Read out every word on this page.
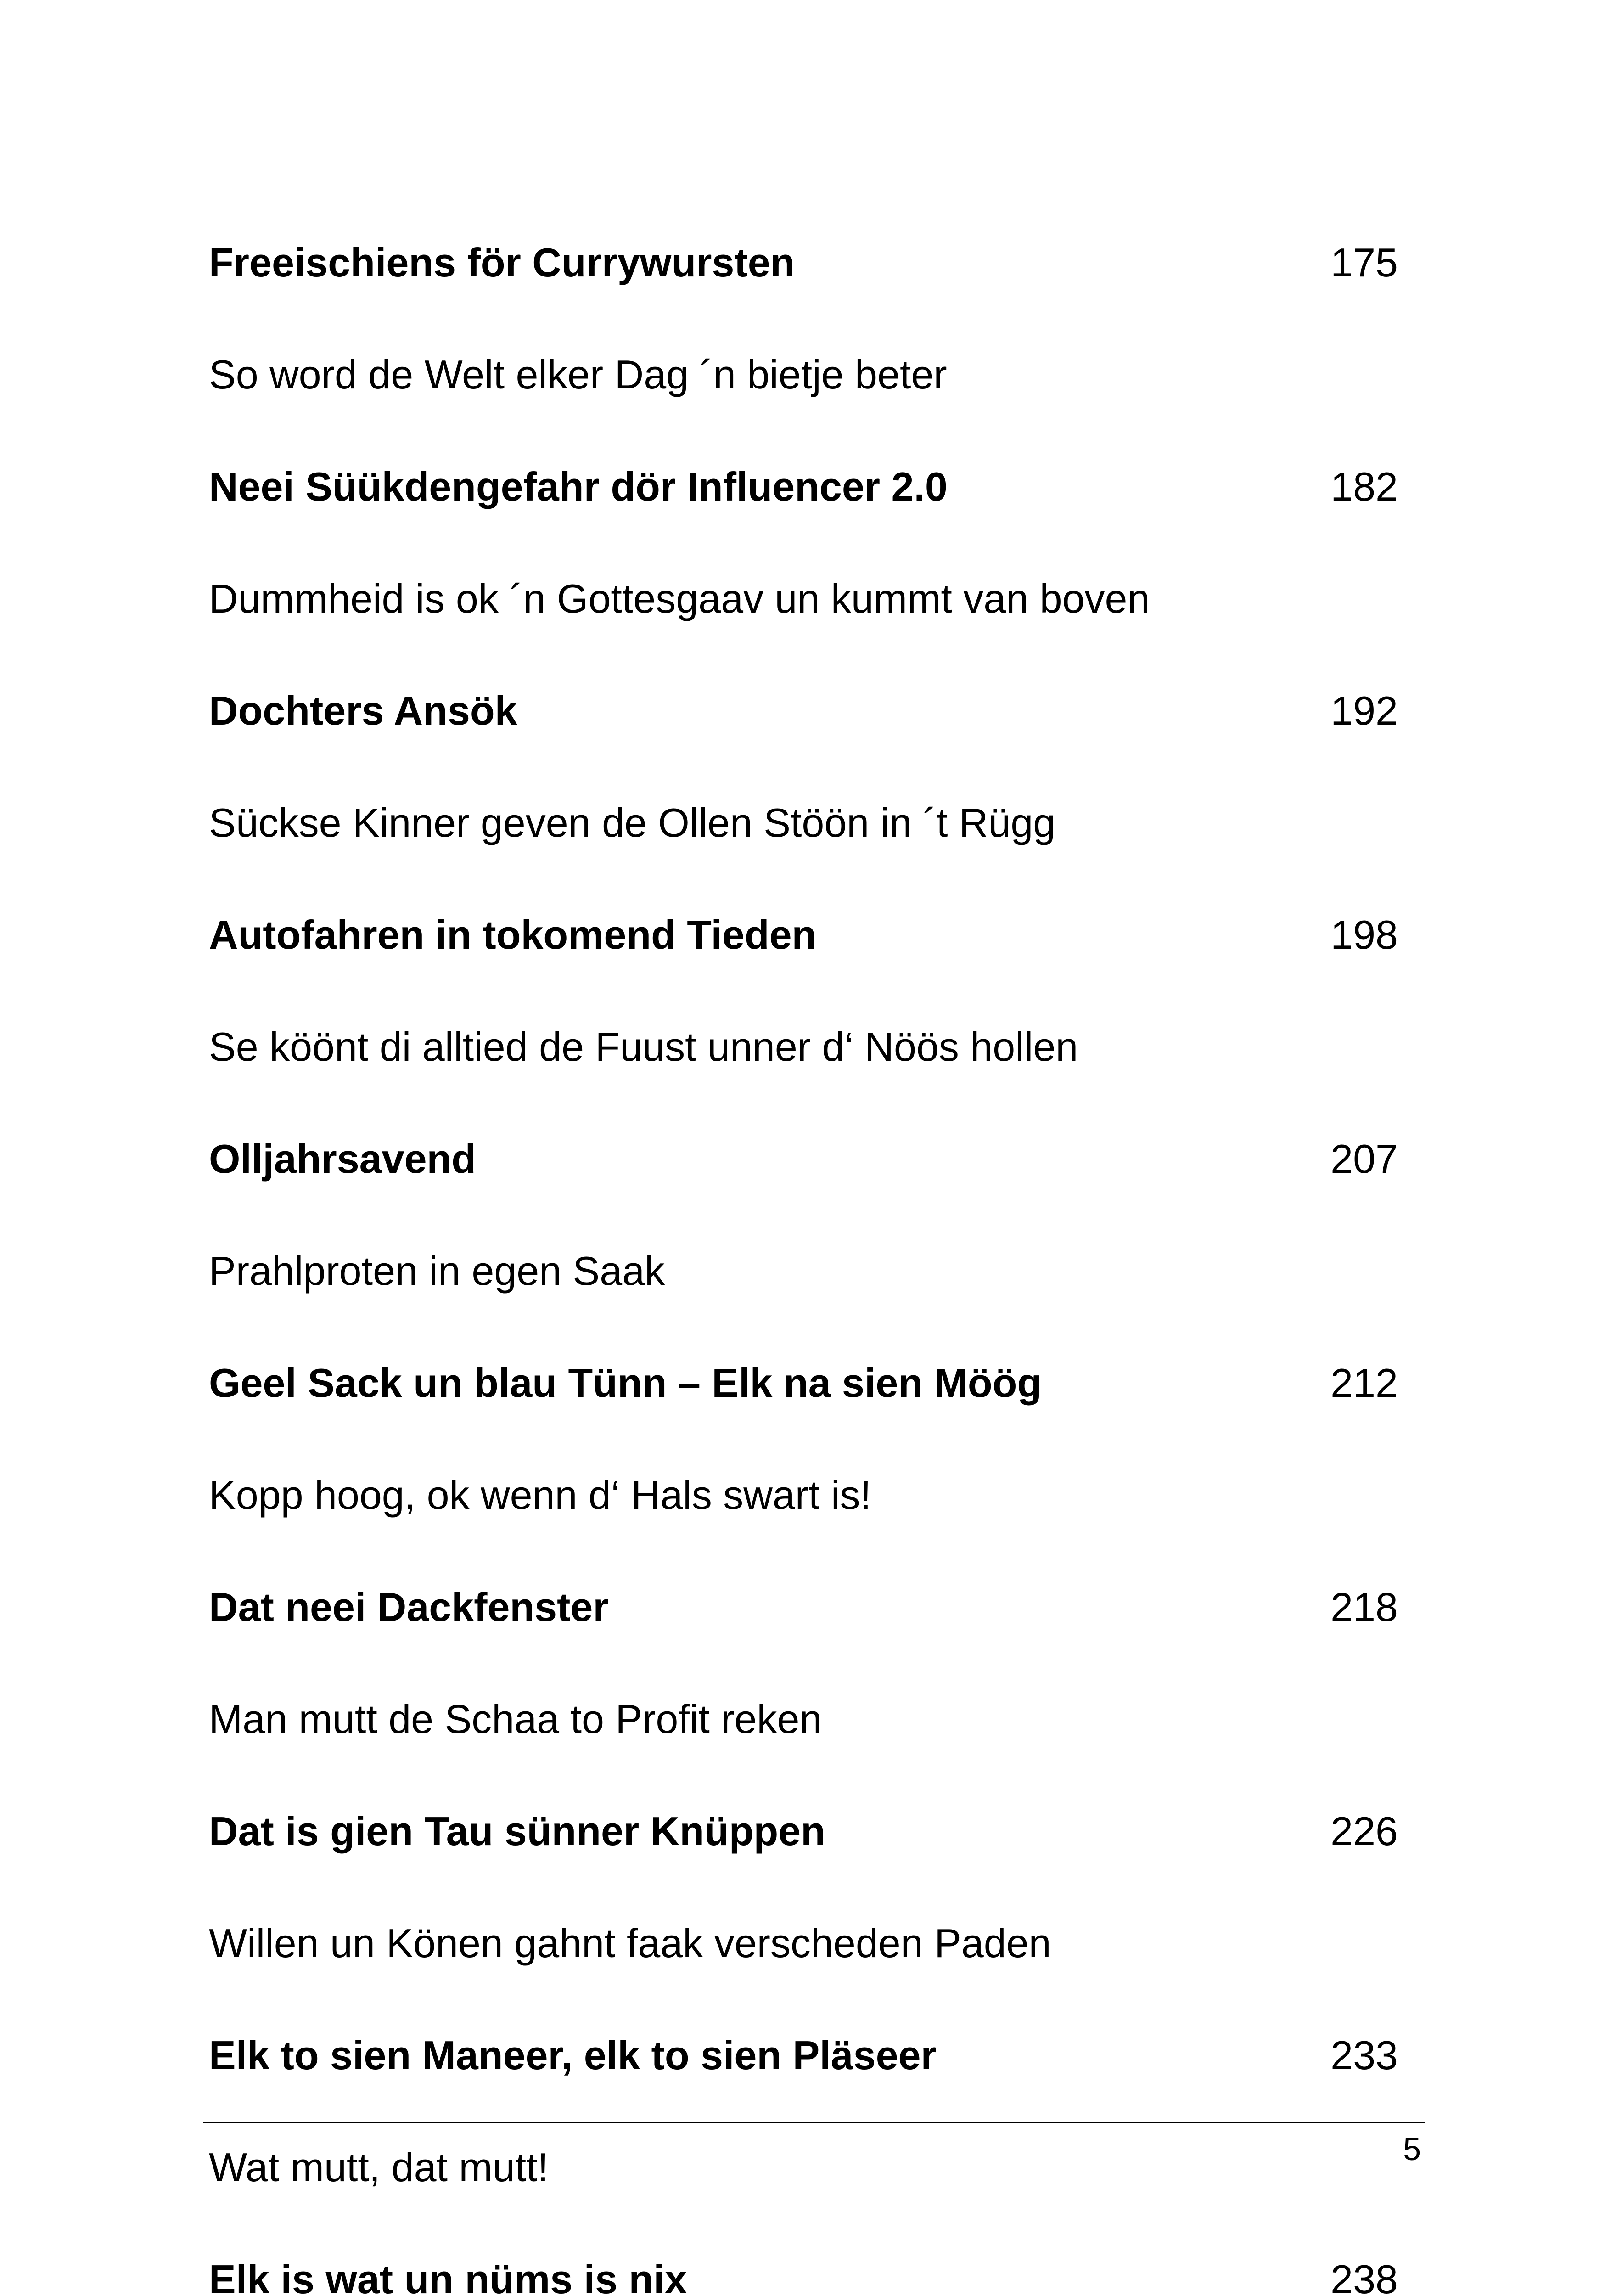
Freeischiens för Currywursten	175
So word de Welt elker Dag ´n bietje beter
Neei Süükdengefahr dör Influencer 2.0	182
Dummheid is ok ´n Gottesgaav un kummt van boven
Dochters Ansök	192
Sückse Kinner geven de Ollen Stöön in ´t Rügg
Autofahren in tokomend Tieden	198
Se köönt di alltied de Fuust unner d‘ Nöös hollen
Olljahrsavend	207
Prahlproten in egen Saak
Geel Sack un blau Tünn – Elk na sien Möög	212
Kopp hoog, ok wenn d‘ Hals swart is!
Dat neei Dackfenster	218
Man mutt de Schaa to Profit reken
Dat is gien Tau sünner Knüppen	226
Willen un Könen gahnt faak verscheden Paden
Elk to sien Maneer, elk to sien Pläseer	233
Wat mutt, dat mutt!
Elk is wat un nüms is nix	238
5
